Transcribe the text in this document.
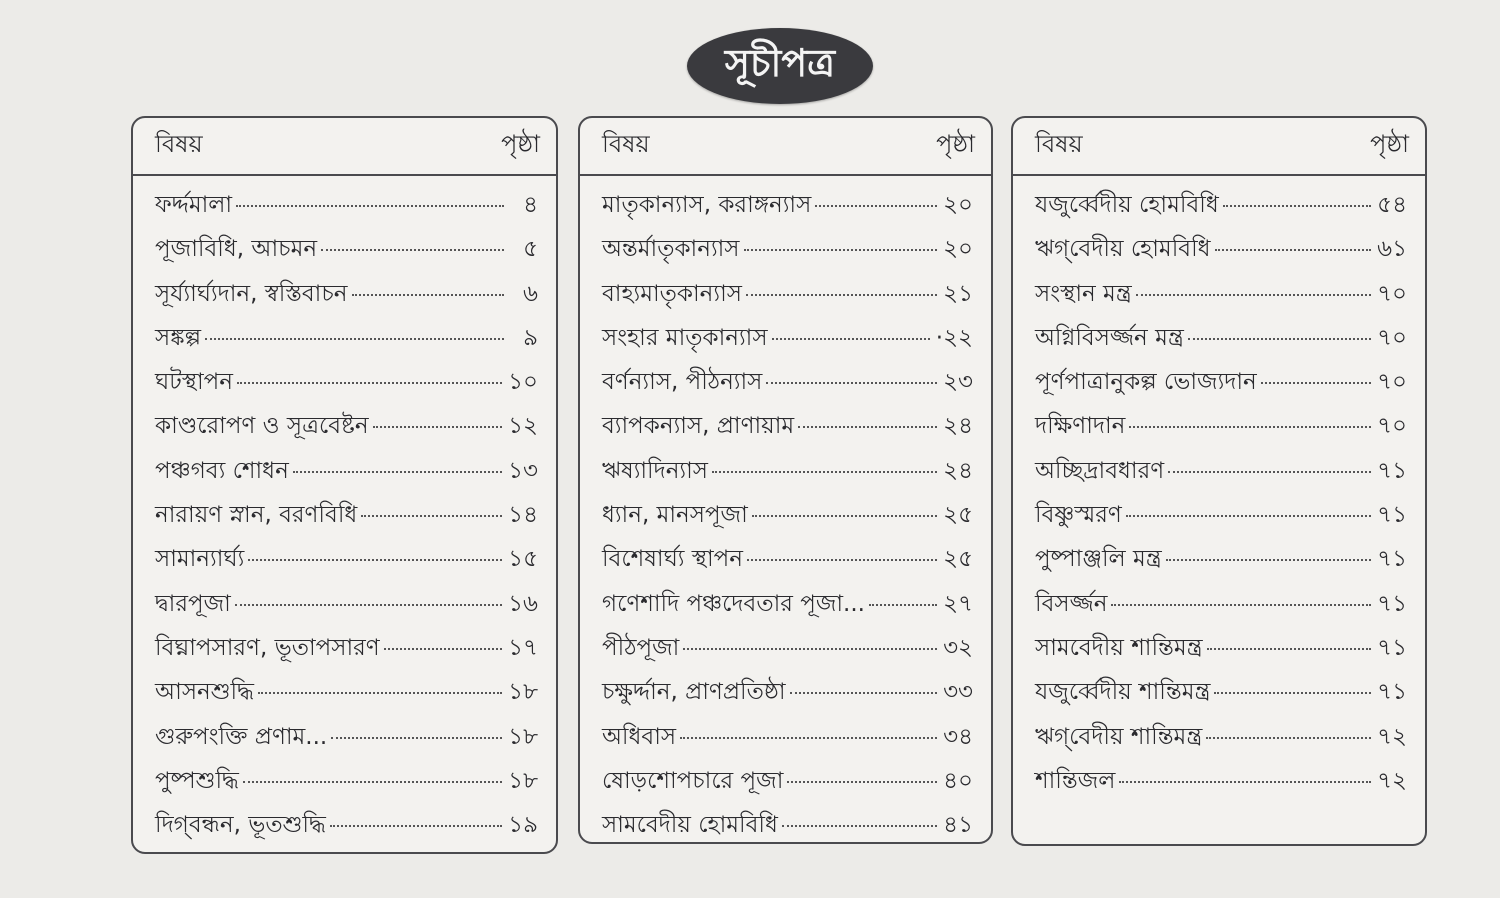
সূচীপত্র
বিষয়	পৃষ্ঠা
ফৰ্দ্দমালা	৪
পূজাবিধি, আচমন	৫
সূর্য্যার্ঘ্যদান, স্বস্তিবাচন	৬
সঙ্কল্প	৯
ঘটস্থাপন	১০
কাণ্ডরোপণ ও সূত্রবেষ্টন	১২
পঞ্চগব্য শোধন	১৩
নারায়ণ স্নান, বরণবিধি	১৪
সামান্যার্ঘ্য	১৫
দ্বারপূজা	১৬
বিঘ্নাপসারণ, ভূতাপসারণ	১৭
আসনশুদ্ধি	১৮
গুরুপংক্তি প্রণাম...	১৮
পুষ্পশুদ্ধি	১৮
দিগ্‌বন্ধন, ভূতশুদ্ধি	১৯
বিষয়	পৃষ্ঠা
মাতৃকান্যাস, করাঙ্গন্যাস	২০
অন্তর্মাতৃকান্যাস	২০
বাহ্যমাতৃকান্যাস	২১
সংহার মাতৃকান্যাস	·২২
বর্ণন্যাস, পীঠন্যাস	২৩
ব্যাপকন্যাস, প্রাণায়াম	২৪
ঋষ্যাদিন্যাস	২৪
ধ্যান, মানসপূজা	২৫
বিশেষার্ঘ্য স্থাপন	২৫
গণেশাদি পঞ্চদেবতার পূজা...	২৭
পীঠপূজা	৩২
চক্ষুর্দ্দান, প্রাণপ্রতিষ্ঠা	৩৩
অধিবাস	৩৪
ষোড়শোপচারে পূজা	৪০
সামবেদীয় হোমবিধি	৪১
বিষয়	পৃষ্ঠা
যজুর্ব্বেদীয় হোমবিধি	৫৪
ঋগ্‌বেদীয় হোমবিধি	৬১
সংস্থান মন্ত্র	৭০
অগ্নিবিসর্জ্জন মন্ত্র	৭০
পূর্ণপাত্রানুকল্প ভোজ্যদান	৭০
দক্ষিণাদান	৭০
অচ্ছিদ্রাবধারণ	৭১
বিষ্ণুস্মরণ	৭১
পুষ্পাঞ্জলি মন্ত্র	৭১
বিসর্জ্জন	৭১
সামবেদীয় শান্তিমন্ত্র	৭১
যজুর্ব্বেদীয় শান্তিমন্ত্র	৭১
ঋগ্‌বেদীয় শান্তিমন্ত্র	৭২
শান্তিজল	৭২
